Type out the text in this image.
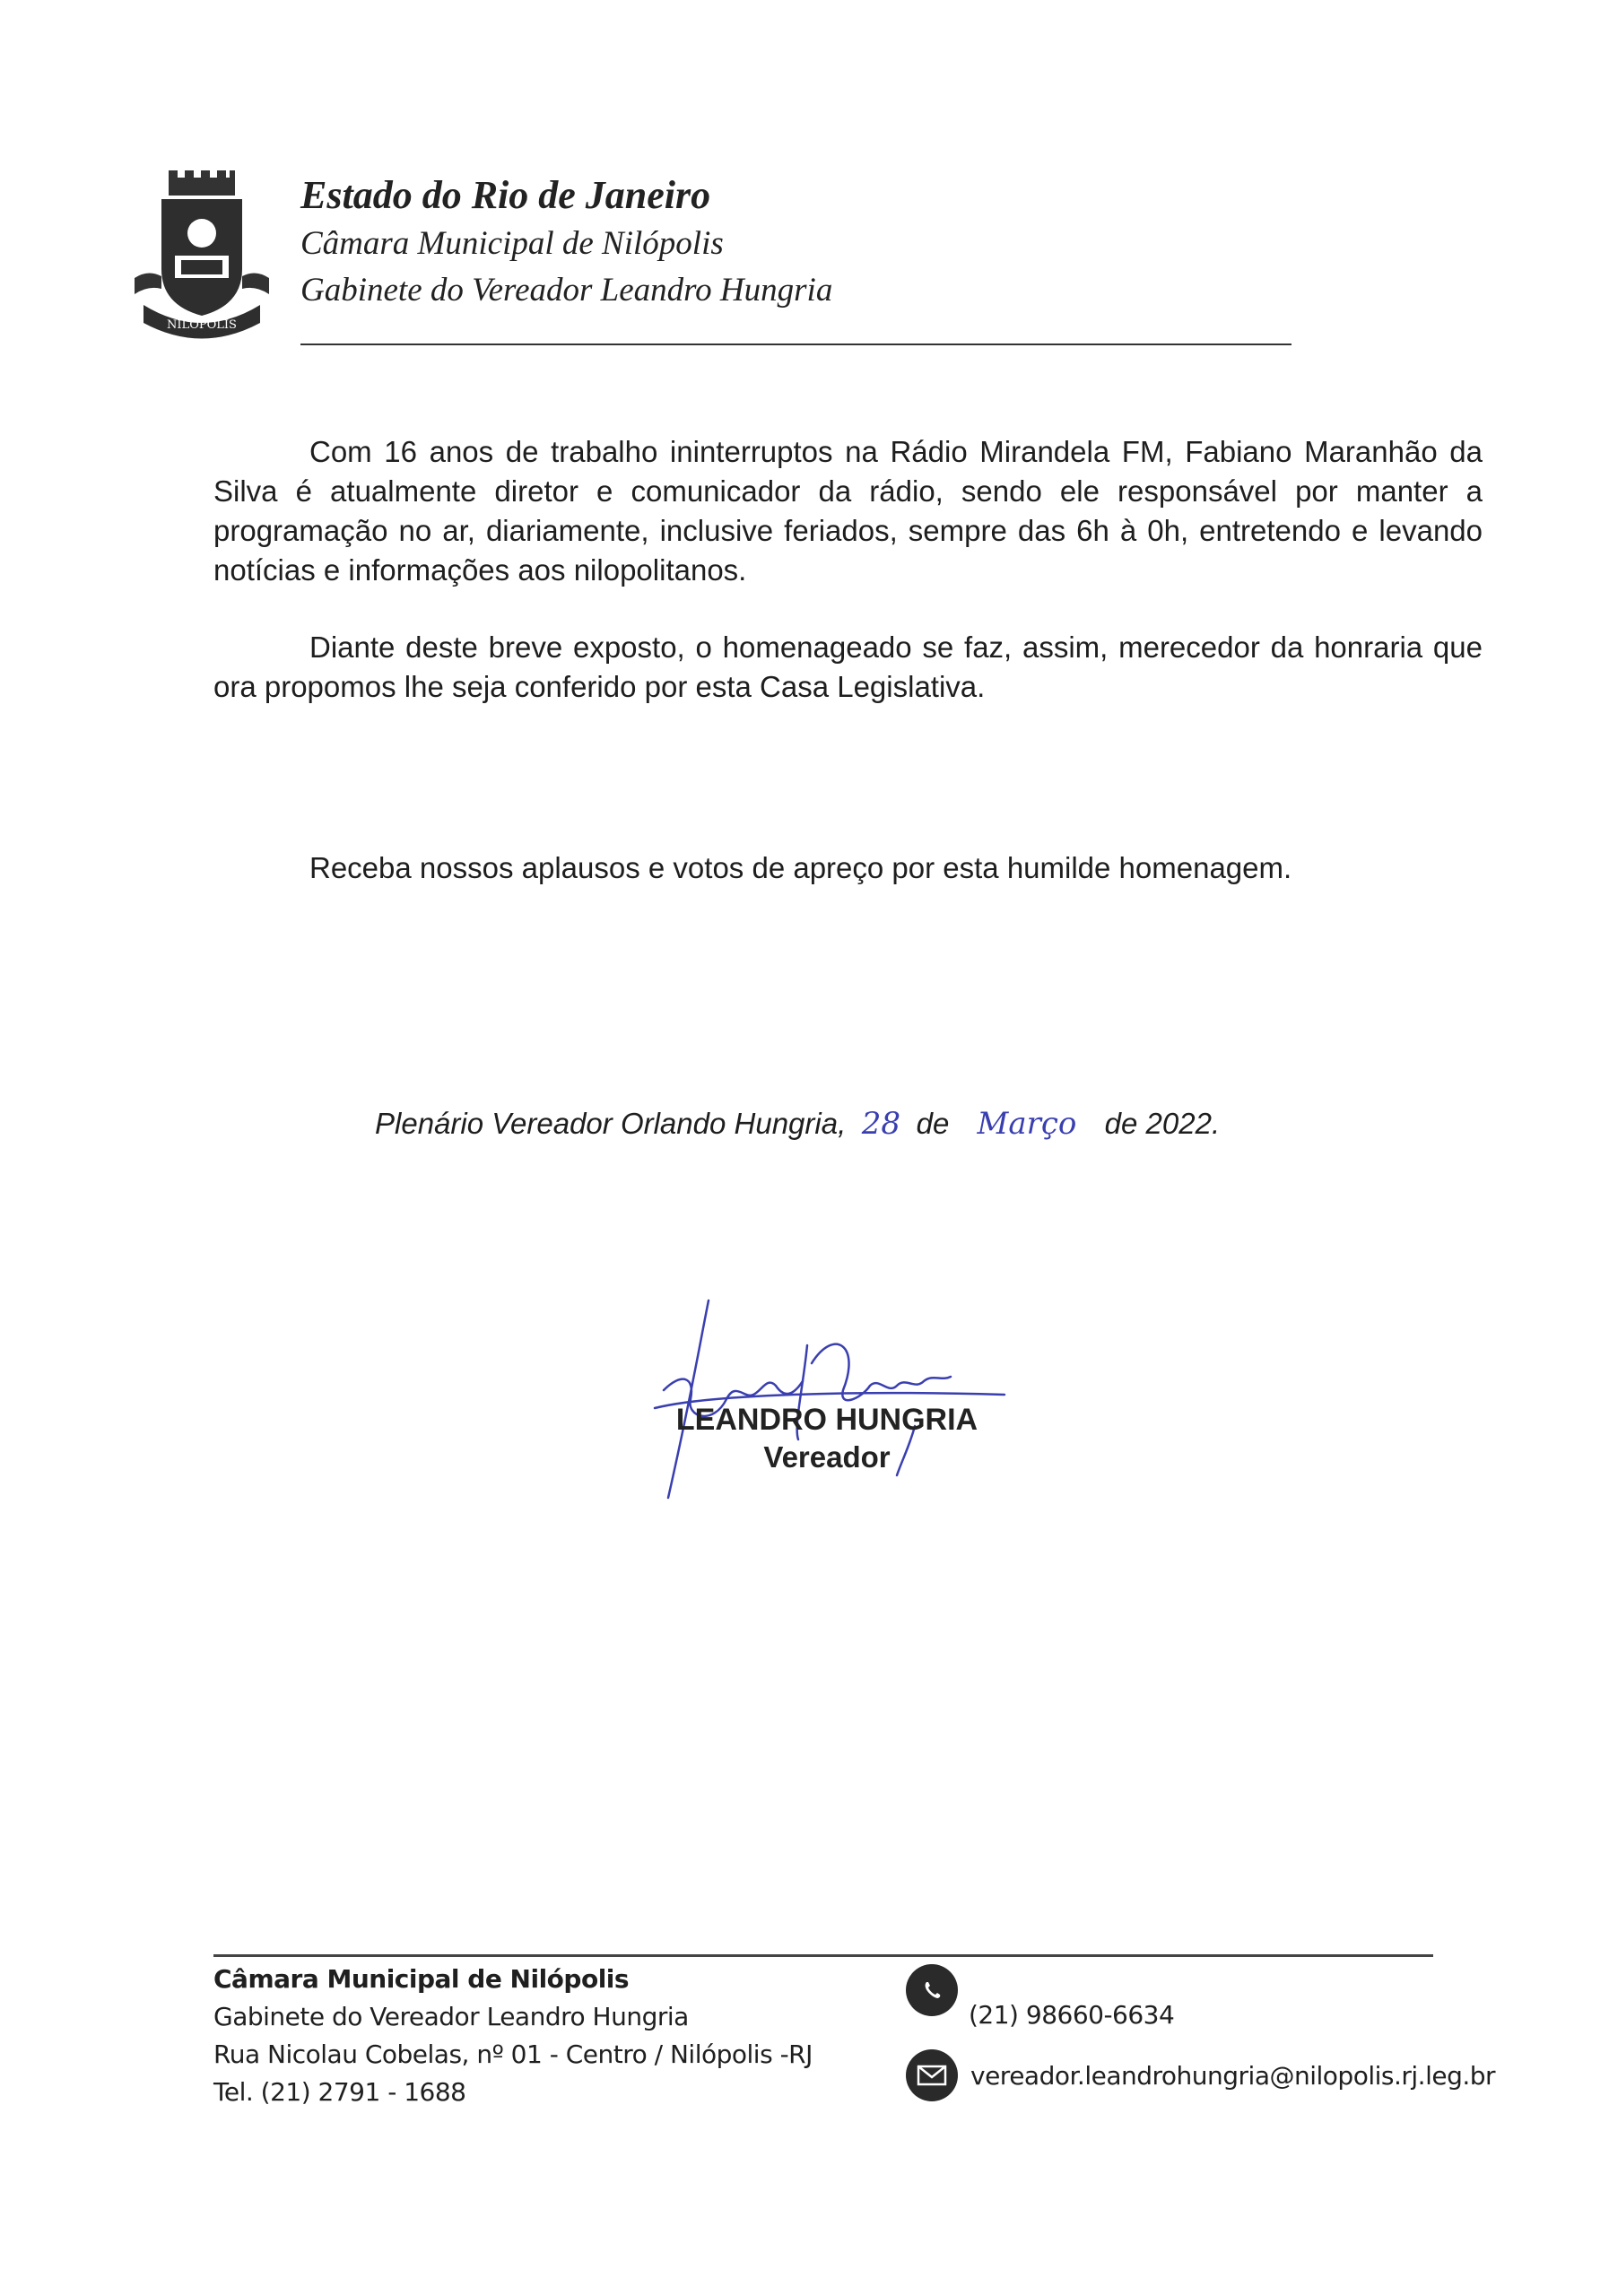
NILÓPOLIS
Estado do Rio de Janeiro
Câmara Municipal de Nilópolis
Gabinete do Vereador Leandro Hungria

Com 16 anos de trabalho ininterruptos na Rádio Mirandela FM, Fabiano Maranhão da Silva é atualmente diretor e comunicador da rádio, sendo ele responsável por manter a programação no ar, diariamente, inclusive feriados, sempre das 6h à 0h, entretendo e levando notícias e informações aos nilopolitanos.

Diante deste breve exposto, o homenageado se faz, assim, merecedor da honraria que ora propomos lhe seja conferido por esta Casa Legislativa.

Receba nossos aplausos e votos de apreço por esta humilde homenagem.

Plenário Vereador Orlando Hungria, 28 de Março de 2022.
LEANDRO HUNGRIA
Vereador
Câmara Municipal de Nilópolis
Gabinete do Vereador Leandro Hungria
Rua Nicolau Cobelas, nº 01 - Centro / Nilópolis -RJ
Tel. (21) 2791 - 1688
(21) 98660-6634
vereador.leandrohungria@nilopolis.rj.leg.br
